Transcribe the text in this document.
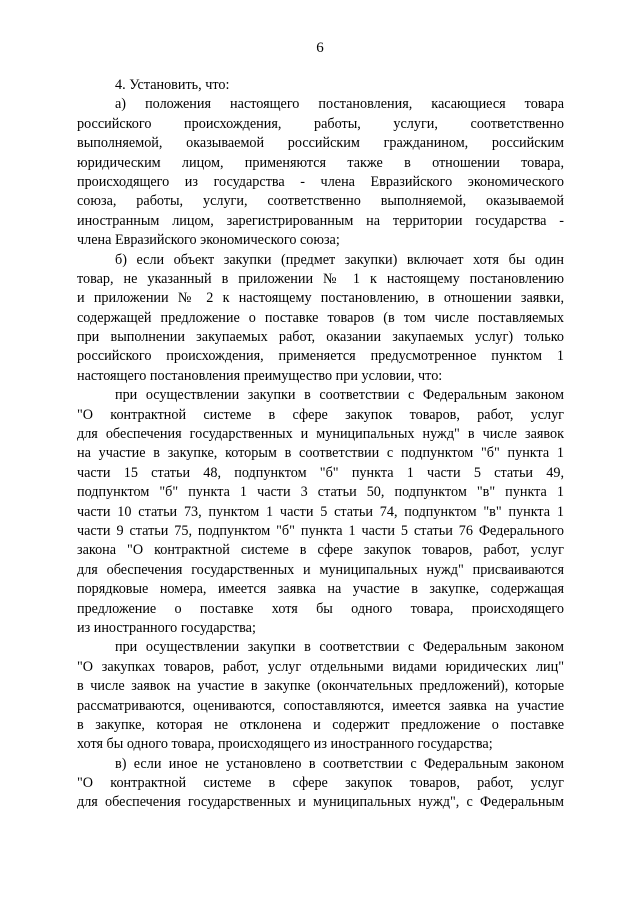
6
4. Установить, что:
а) положения настоящего постановления, касающиеся товара
российского происхождения, работы, услуги, соответственно
выполняемой, оказываемой российским гражданином, российским
юридическим лицом, применяются также в отношении товара,
происходящего из государства - члена Евразийского экономического
союза, работы, услуги, соответственно выполняемой, оказываемой
иностранным лицом, зарегистрированным на территории государства -
члена Евразийского экономического союза;
б) если объект закупки (предмет закупки) включает хотя бы один
товар, не указанный в приложении № 1 к настоящему постановлению
и приложении № 2 к настоящему постановлению, в отношении заявки,
содержащей предложение о поставке товаров (в том числе поставляемых
при выполнении закупаемых работ, оказании закупаемых услуг) только
российского происхождения, применяется предусмотренное пунктом 1
настоящего постановления преимущество при условии, что:
при осуществлении закупки в соответствии с Федеральным законом
"О контрактной системе в сфере закупок товаров, работ, услуг
для обеспечения государственных и муниципальных нужд" в числе заявок
на участие в закупке, которым в соответствии с подпунктом "б" пункта 1
части 15 статьи 48, подпунктом "б" пункта 1 части 5 статьи 49,
подпунктом "б" пункта 1 части 3 статьи 50, подпунктом "в" пункта 1
части 10 статьи 73, пунктом 1 части 5 статьи 74, подпунктом "в" пункта 1
части 9 статьи 75, подпунктом "б" пункта 1 части 5 статьи 76 Федерального
закона "О контрактной системе в сфере закупок товаров, работ, услуг
для обеспечения государственных и муниципальных нужд" присваиваются
порядковые номера, имеется заявка на участие в закупке, содержащая
предложение о поставке хотя бы одного товара, происходящего
из иностранного государства;
при осуществлении закупки в соответствии с Федеральным законом
"О закупках товаров, работ, услуг отдельными видами юридических лиц"
в числе заявок на участие в закупке (окончательных предложений), которые
рассматриваются, оцениваются, сопоставляются, имеется заявка на участие
в закупке, которая не отклонена и содержит предложение о поставке
хотя бы одного товара, происходящего из иностранного государства;
в) если иное не установлено в соответствии с Федеральным законом
"О контрактной системе в сфере закупок товаров, работ, услуг
для обеспечения государственных и муниципальных нужд", с Федеральным
